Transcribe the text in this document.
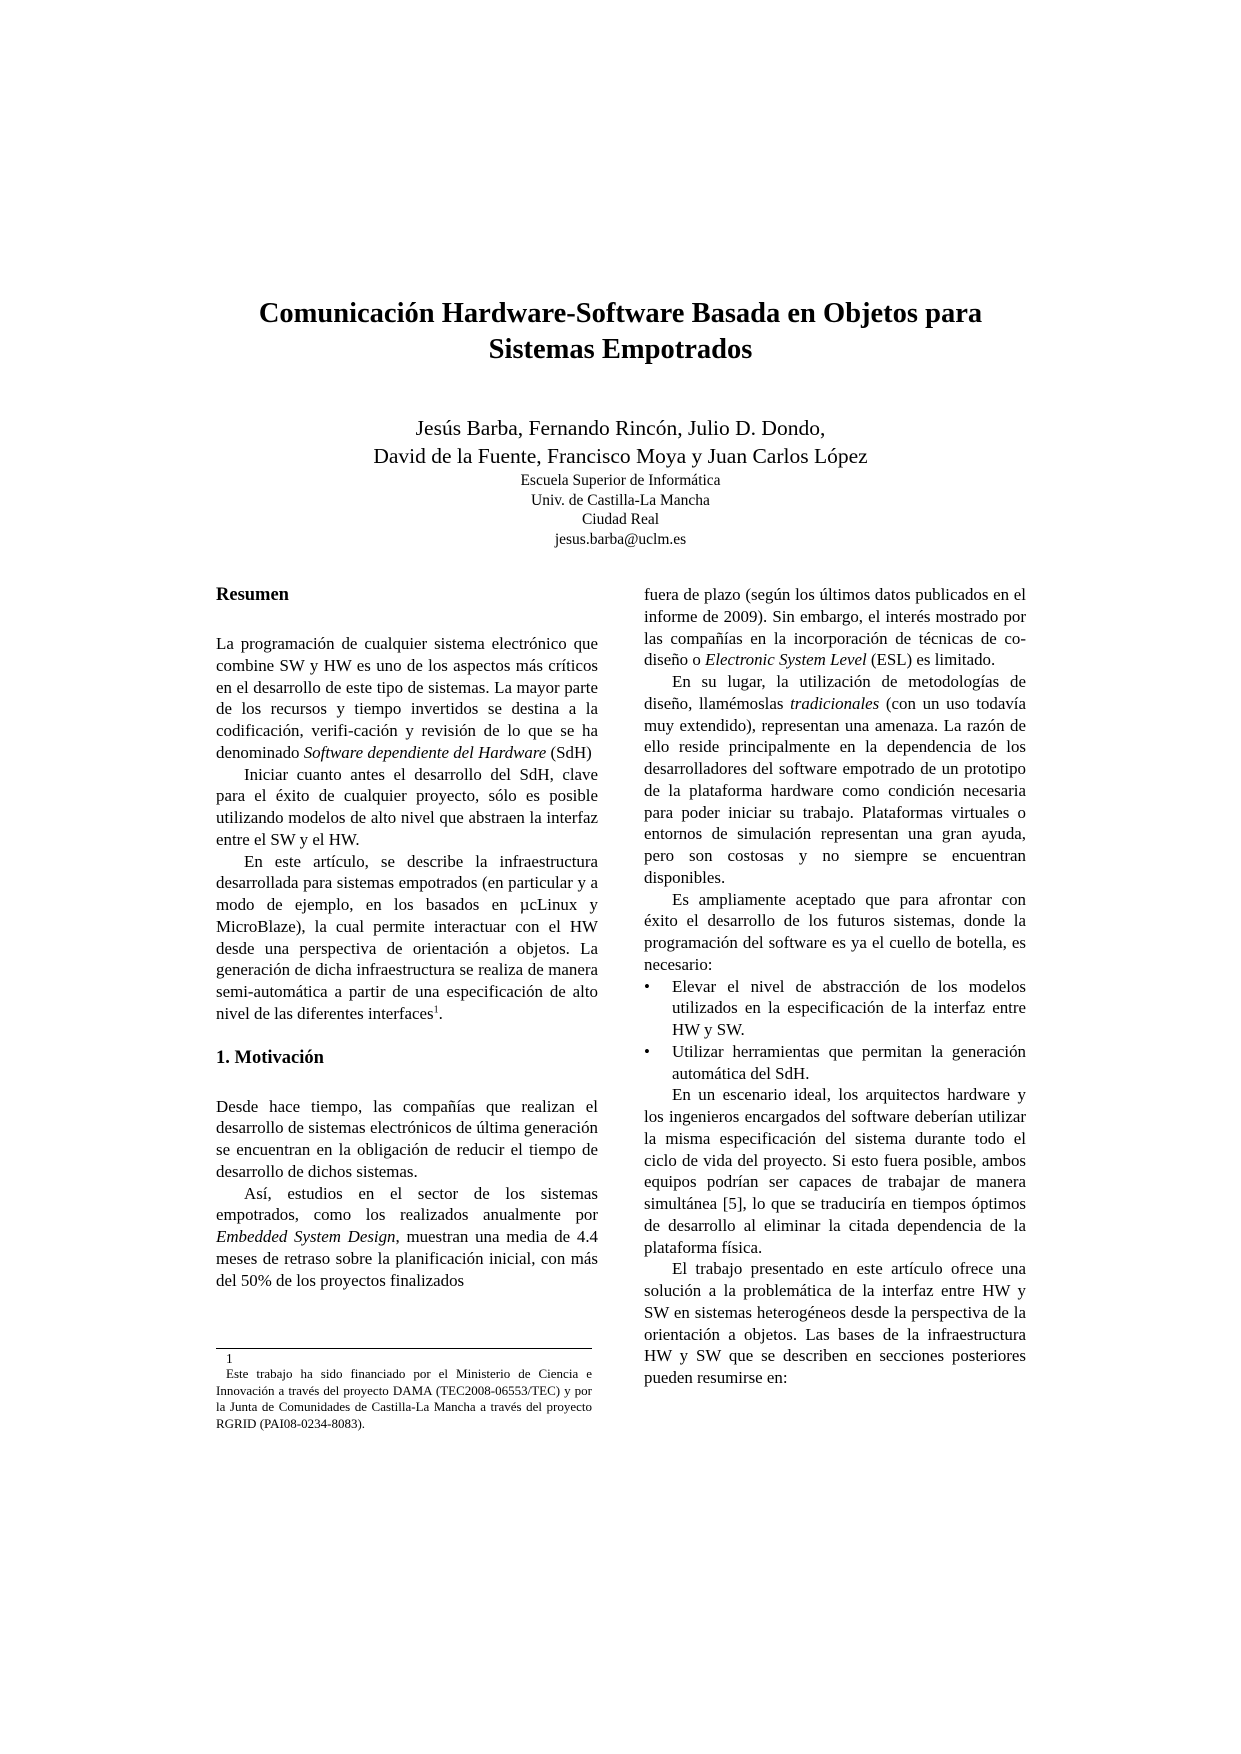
Comunicación Hardware-Software Basada en Objetos para
Sistemas Empotrados
Jesús Barba, Fernando Rincón, Julio D. Dondo,
David de la Fuente, Francisco Moya y Juan Carlos López
Escuela Superior de Informática
Univ. de Castilla-La Mancha
Ciudad Real
jesus.barba@uclm.es
Resumen

La programación de cualquier sistema electrónico que combine SW y HW es uno de los aspectos más críticos en el desarrollo de este tipo de sistemas. La mayor parte de los recursos y tiempo invertidos se destina a la codificación, verifi-cación y revisión de lo que se ha denominado Software dependiente del Hardware (SdH)

Iniciar cuanto antes el desarrollo del SdH, clave para el éxito de cualquier proyecto, sólo es posible utilizando modelos de alto nivel que abstraen la interfaz entre el SW y el HW.

En este artículo, se describe la infraestructura desarrollada para sistemas empotrados (en particular y a modo de ejemplo, en los basados en µcLinux y MicroBlaze), la cual permite interactuar con el HW desde una perspectiva de orientación a objetos. La generación de dicha infraestructura se realiza de manera semi-automática a partir de una especificación de alto nivel de las diferentes interfaces$^1$.

1. Motivación

Desde hace tiempo, las compañías que realizan el desarrollo de sistemas electrónicos de última generación se encuentran en la obligación de reducir el tiempo de desarrollo de dichos sistemas.

Así, estudios en el sector de los sistemas empotrados, como los realizados anualmente por Embedded System Design, muestran una media de 4.4 meses de retraso sobre la planificación inicial, con más del 50% de los proyectos finalizados

1

Este trabajo ha sido financiado por el Ministerio de Ciencia e Innovación a través del proyecto DAMA (TEC2008-06553/TEC) y por la Junta de Comunidades de Castilla-La Mancha a través del proyecto RGRID (PAI08-0234-8083).

fuera de plazo (según los últimos datos publicados en el informe de 2009). Sin embargo, el interés mostrado por las compañías en la incorporación de técnicas de co-diseño o Electronic System Level (ESL) es limitado.

En su lugar, la utilización de metodologías de diseño, llamémoslas tradicionales (con un uso todavía muy extendido), representan una amenaza. La razón de ello reside principalmente en la dependencia de los desarrolladores del software empotrado de un prototipo de la plataforma hardware como condición necesaria para poder iniciar su trabajo. Plataformas virtuales o entornos de simulación representan una gran ayuda, pero son costosas y no siempre se encuentran disponibles.

Es ampliamente aceptado que para afrontar con éxito el desarrollo de los futuros sistemas, donde la programación del software es ya el cuello de botella, es necesario:

• Elevar el nivel de abstracción de los modelos utilizados en la especificación de la interfaz entre HW y SW.
• Utilizar herramientas que permitan la generación automática del SdH.

En un escenario ideal, los arquitectos hardware y los ingenieros encargados del software deberían utilizar la misma especificación del sistema durante todo el ciclo de vida del proyecto. Si esto fuera posible, ambos equipos podrían ser capaces de trabajar de manera simultánea [5], lo que se traduciría en tiempos óptimos de desarrollo al eliminar la citada dependencia de la plataforma física.

El trabajo presentado en este artículo ofrece una solución a la problemática de la interfaz entre HW y SW en sistemas heterogéneos desde la perspectiva de la orientación a objetos. Las bases de la infraestructura HW y SW que se describen en secciones posteriores pueden resumirse en:
